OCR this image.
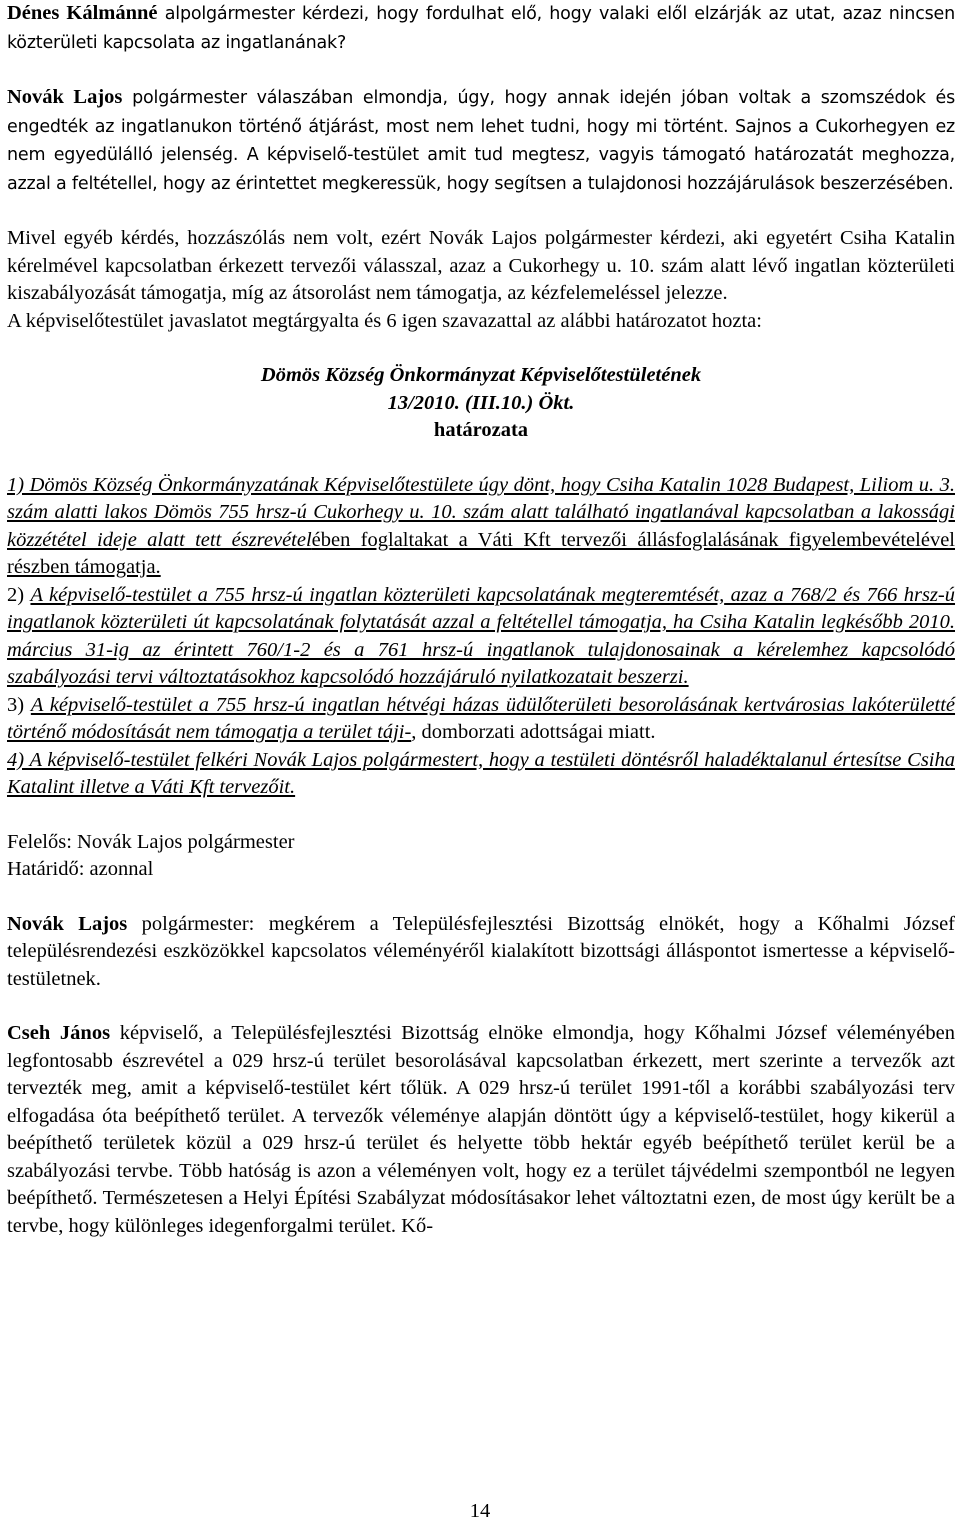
Dénes Kálmánné alpolgármester kérdezi, hogy fordulhat elő, hogy valaki elől elzárják az utat, azaz nincsen közterületi kapcsolata az ingatlanának?

Novák Lajos polgármester válaszában elmondja, úgy, hogy annak idején jóban voltak a szomszédok és engedték az ingatlanukon történő átjárást, most nem lehet tudni, hogy mi történt. Sajnos a Cukorhegyen ez nem egyedülálló jelenség. A képviselő-testület amit tud megtesz, vagyis támogató határozatát meghozza, azzal a feltétellel, hogy az érintettet megkeressük, hogy segítsen a tulajdonosi hozzájárulások beszerzésében.

Mivel egyéb kérdés, hozzászólás nem volt, ezért Novák Lajos polgármester kérdezi, aki egyetért Csiha Katalin kérelmével kapcsolatban érkezett tervezői válasszal, azaz a Cukorhegy u. 10. szám alatt lévő ingatlan közterületi kiszabályozását támogatja, míg az átsorolást nem támogatja, az kézfelemeléssel jelezze.

A képviselőtestület javaslatot megtárgyalta és 6 igen szavazattal az alábbi határozatot hozta:

Dömös Község Önkormányzat Képviselőtestületének
13/2010. (III.10.) Ökt.
határozata

1) Dömös Község Önkormányzatának Képviselőtestülete úgy dönt, hogy Csiha Katalin 1028 Budapest, Liliom u. 3. szám alatti lakos Dömös 755 hrsz-ú Cukorhegy u. 10. szám alatt található ingatlanával kapcsolatban a lakossági közzététel ideje alatt tett észrevételében foglaltakat a Váti Kft tervezői állásfoglalásának figyelembevételével részben támogatja.

2) A képviselő-testület a 755 hrsz-ú ingatlan közterületi kapcsolatának megteremtését, azaz a 768/2 és 766 hrsz-ú ingatlanok közterületi út kapcsolatának folytatását azzal a feltétellel támogatja, ha Csiha Katalin legkésőbb 2010. március 31-ig az érintett 760/1-2 és a 761 hrsz-ú ingatlanok tulajdonosainak a kérelemhez kapcsolódó szabályozási tervi változtatásokhoz kapcsolódó hozzájáruló nyilatkozatait beszerzi.

3) A képviselő-testület a 755 hrsz-ú ingatlan hétvégi házas üdülőterületi besorolásának kertvárosias lakóterületté történő módosítását nem támogatja a terület táji-, domborzati adottságai miatt.

4) A képviselő-testület felkéri Novák Lajos polgármestert, hogy a testületi döntésről haladéktalanul értesítse Csiha Katalint illetve a Váti Kft tervezőit.

Felelős: Novák Lajos polgármester

Határidő: azonnal

Novák Lajos polgármester: megkérem a Településfejlesztési Bizottság elnökét, hogy a Kőhalmi József településrendezési eszközökkel kapcsolatos véleményéről kialakított bizottsági álláspontot ismertesse a képviselő-testületnek.

Cseh János képviselő, a Településfejlesztési Bizottság elnöke elmondja, hogy Kőhalmi József véleményében legfontosabb észrevétel a 029 hrsz-ú terület besorolásával kapcsolatban érkezett, mert szerinte a tervezők azt tervezték meg, amit a képviselő-testület kért tőlük. A 029 hrsz-ú terület 1991-től a korábbi szabályozási terv elfogadása óta beépíthető terület. A tervezők véleménye alapján döntött úgy a képviselő-testület, hogy kikerül a beépíthető területek közül a 029 hrsz-ú terület és helyette több hektár egyéb beépíthető terület kerül be a szabályozási tervbe. Több hatóság is azon a véleményen volt, hogy ez a terület tájvédelmi szempontból ne legyen beépíthető. Természetesen a Helyi Építési Szabályzat módosításakor lehet változtatni ezen, de most úgy került be a tervbe, hogy különleges idegenforgalmi terület. Kő-

14
